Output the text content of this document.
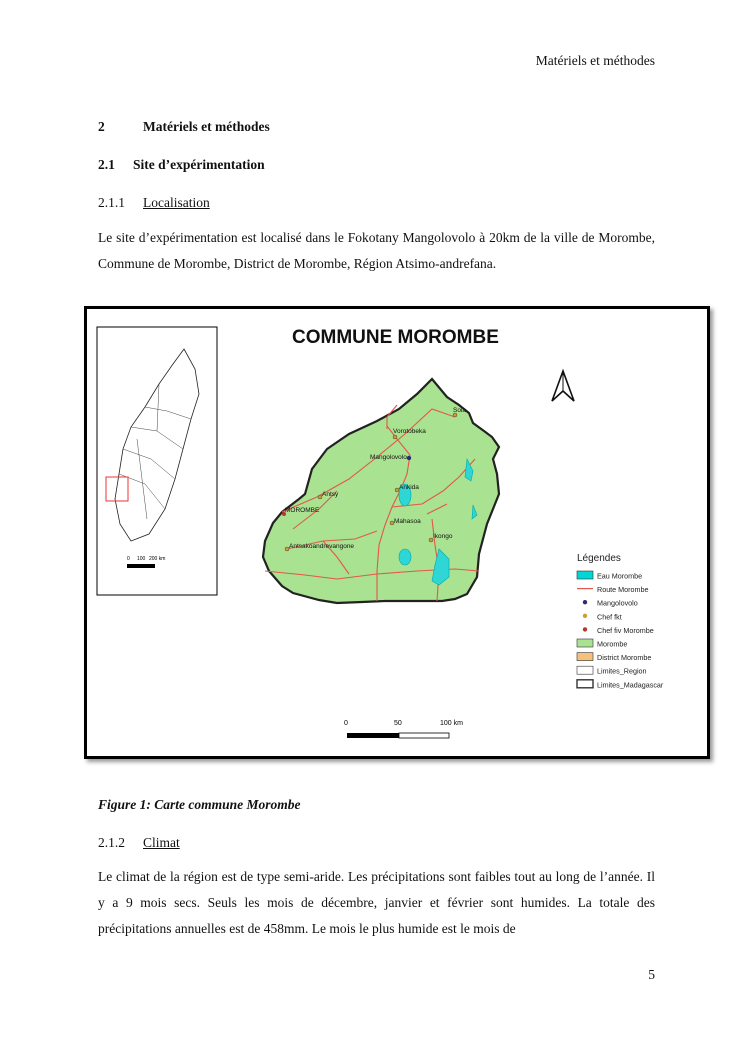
Matériels et méthodes
2	Matériels et méthodes
2.1 Site d’expérimentation
2.1.1 Localisation
Le site d’expérimentation est localisé dans le Fokotany Mangolovolo à 20km de la ville de Morombe, Commune de Morombe, District de Morombe, Région Atsimo-andrefana.
0 100 200 km
COMMUNE MOROMBE
Vorotobeka
Mangolovolo
Sola
Antsy
Ankida
MOROMBE
Mahasoa
Ikongo
Antsakoandrevangone
Légendes
Eau Morombe
Route Morombe
Mangolovolo
Chef fkt
Chef fiv Morombe
Morombe
District Morombe
Limites_Region
Limites_Madagascar
0	50	100 km
Figure 1: Carte commune Morombe
2.1.2 Climat
Le climat de la région est de type semi-aride. Les précipitations sont faibles tout au long de l’année. Il y a 9 mois secs. Seuls les mois de décembre, janvier et février sont humides. La totale des précipitations annuelles est de 458mm. Le mois le plus humide est le mois de
5
